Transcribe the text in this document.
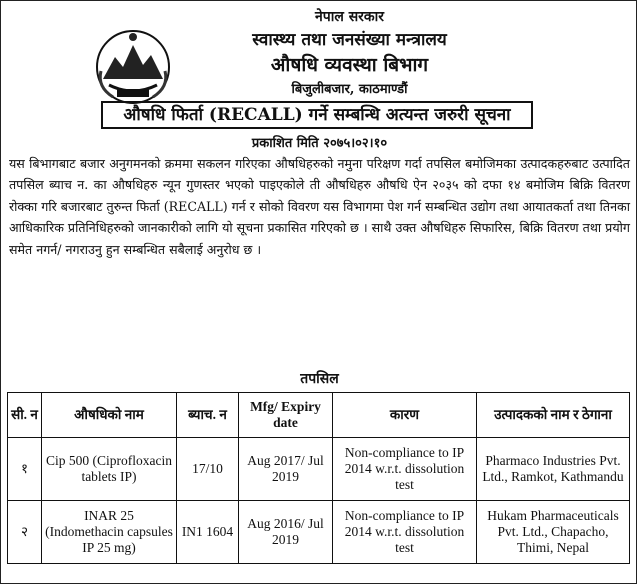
नेपाल सरकार
स्वास्थ्य तथा जनसंख्या मन्त्रालय
औषधि व्यवस्था बिभाग
बिजुलीबजार, काठमाण्डौं
औषधि फिर्ता (RECALL) गर्ने सम्बन्धि अत्यन्त जरुरी सूचना
प्रकाशित मिति २०७५।०२।१०
यस बिभागबाट बजार अनुगमनको क्रममा सकलन गरिएका औषधिहरुको नमुना परिक्षण गर्दा तपसिल बमोजिमका उत्पादकहरुबाट उत्पादित तपसिल ब्याच न. का औषधिहरु न्यून गुणस्तर भएको पाइएकोले ती औषधिहरु औषधि ऐन २०३५ को दफा १४ बमोजिम बिक्रि वितरण रोक्का गरि बजारबाट तुरुन्त फिर्ता (RECALL) गर्न र सोको विवरण यस विभागमा पेश गर्न सम्बन्धित उद्योग तथा आयातकर्ता तथा तिनका आधिकारिक प्रतिनिधिहरुको जानकारीको लागि यो सूचना प्रकासित गरिएको छ । साथै उक्त औषधिहरु सिफारिस, बिक्रि वितरण तथा प्रयोग समेत नगर्न/ नगराउनु हुन सम्बन्धित सबैलाई अनुरोध छ ।
तपसिल
सी. न	औषधिको नाम	ब्याच. न	Mfg/ Expiry date	कारण	उत्पादकको नाम र ठेगाना
१	Cip 500 (Ciprofloxacin tablets IP)	17/10	Aug 2017/ Jul 2019	Non-compliance to IP 2014 w.r.t. dissolution test	Pharmaco Industries Pvt. Ltd., Ramkot, Kathmandu
२	INAR 25 (Indomethacin capsules IP 25 mg)	IN1 1604	Aug 2016/ Jul 2019	Non-compliance to IP 2014 w.r.t. dissolution test	Hukam Pharmaceuticals Pvt. Ltd., Chapacho, Thimi, Nepal
